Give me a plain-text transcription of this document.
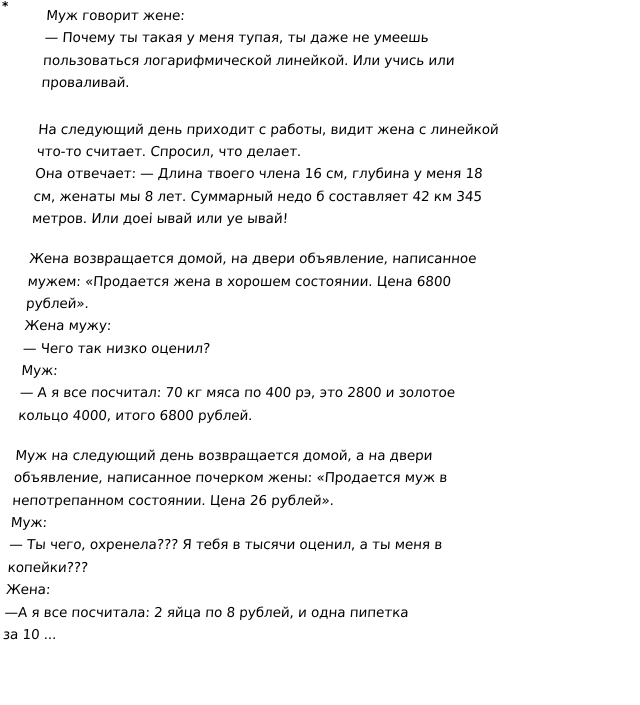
*
Муж говорит жене:
— Почему ты такая у меня тупая, ты даже не умеешь
пользоваться логарифмической линейкой. Или учись или
проваливай.
На следующий день приходит с работы, видит жена с линейкой
что-то считает. Спросил, что делает.
Она отвечает: — Длина твоего члена 16 см, глубина у меня 18
см, женаты мы 8 лет. Суммарный недо б составляет 42 км 345
метров. Или доеі ывай или уе ывай!
Жена возвращается домой, на двери объявление, написанное
мужем: «Продается жена в хорошем состоянии. Цена 6800
рублей».
Жена мужу:
— Чего так низко оценил?
Муж:
— А я все посчитал: 70 кг мяса по 400 рэ, это 2800 и золотое
кольцо 4000, итого 6800 рублей.
Муж на следующий день возвращается домой, а на двери
объявление, написанное почерком жены: «Продается муж в
непотрепанном состоянии. Цена 26 рублей».
Муж:
— Ты чего, охренела??? Я тебя в тысячи оценил, а ты меня в
копейки???
Жена:
—А я все посчитала: 2 яйца по 8 рублей, и одна пипетка
за 10 ...
